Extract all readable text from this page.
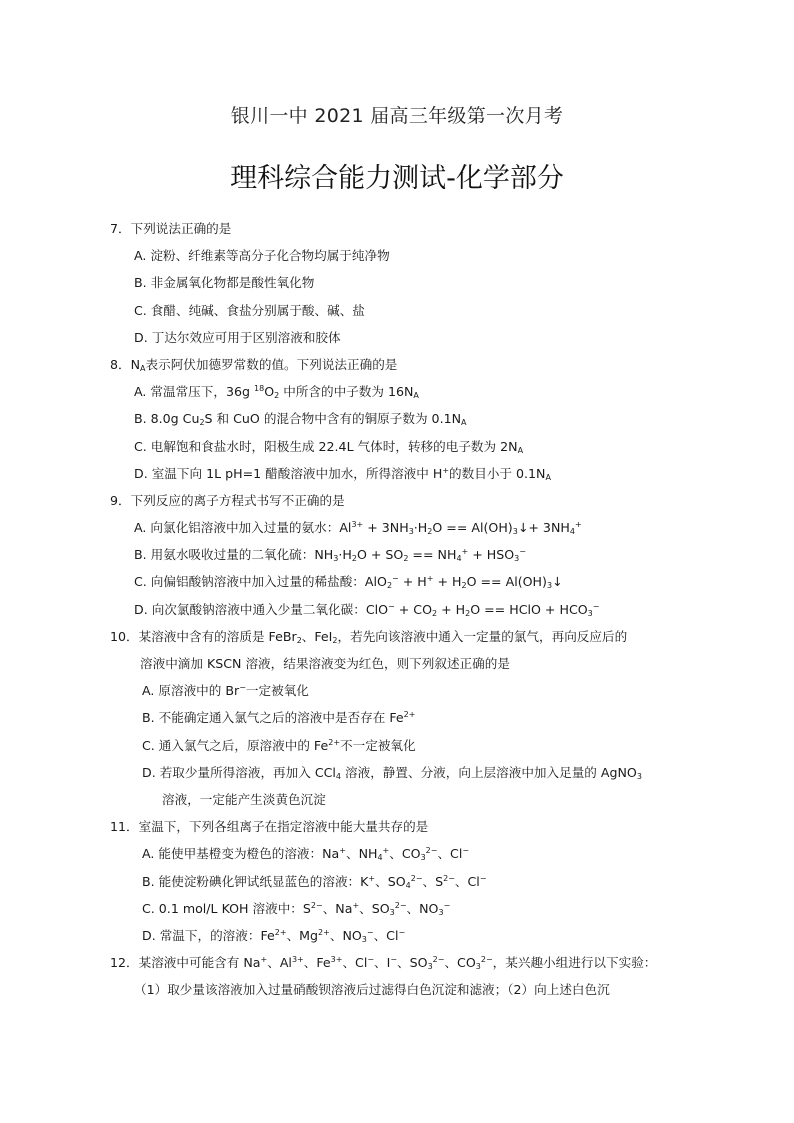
银川一中 2021 届高三年级第一次月考
理科综合能力测试-化学部分
7．下列说法正确的是
A. 淀粉、纤维素等高分子化合物均属于纯净物
B. 非金属氧化物都是酸性氧化物
C. 食醋、纯碱、食盐分别属于酸、碱、盐
D. 丁达尔效应可用于区别溶液和胶体
8．$N_A$表示阿伏加德罗常数的值。下列说法正确的是
A. 常温常压下，36g $^{18}O_2$ 中所含的中子数为 $16N_A$
B. 8.0g $Cu_2S$ 和 CuO 的混合物中含有的铜原子数为 $0.1N_A$
C. 电解饱和食盐水时，阳极生成 22.4L 气体时，转移的电子数为 $2N_A$
D. 室温下向 1L pH=1 醋酸溶液中加水，所得溶液中 H+的数目小于 $0.1N_A$
9．下列反应的离子方程式书写不正确的是
A. 向氯化铝溶液中加入过量的氨水：$Al^{3+} + 3NH_3\cdot H_2O$ == $Al(OH)_3↓+ 3NH_4^+$
B. 用氨水吸收过量的二氧化硫：$NH_3\cdot H_2O + SO_2 == NH_4^+ + HSO_3^-$
C. 向偏铝酸钠溶液中加入过量的稀盐酸：$AlO_2^- + H^+ + H_2O$ == $Al(OH)_3↓$
D. 向次氯酸钠溶液中通入少量二氧化碳：$ClO^- + CO_2 + H_2O$ == HClO + $HCO_3^-$
10．某溶液中含有的溶质是 FeBr$_2$、FeI$_2$，若先向该溶液中通入一定量的氯气，再向反应后的
溶液中滴加 KSCN 溶液，结果溶液变为红色，则下列叙述正确的是
A. 原溶液中的 Br−一定被氧化
B. 不能确定通入氯气之后的溶液中是否存在 $Fe^{2+}$
C. 通入氯气之后，原溶液中的 $Fe^{2+}$不一定被氧化
D. 若取少量所得溶液，再加入 CCl$_4$ 溶液，静置、分液，向上层溶液中加入足量的 AgNO$_3$
溶液，一定能产生淡黄色沉淀
11．室温下，下列各组离子在指定溶液中能大量共存的是
A. 能使甲基橙变为橙色的溶液：Na+、$NH_4^+$、$CO_3^{2-}$、Cl−
B. 能使淀粉碘化钾试纸显蓝色的溶液：K+、$SO_4^{2-}$、$S^{2-}$、Cl−
C. 0.1 mol/L KOH 溶液中：$S^{2-}$、Na+、$SO_3^{2-}$、$NO_3^-$
D. 常温下，的溶液：$Fe^{2+}$、$Mg^{2+}$、$NO_3^-$、Cl−
12．某溶液中可能含有 Na+、$Al^{3+}$、$Fe^{3+}$、Cl−、I−、$SO_3^{2-}$、$CO_3^{2-}$，某兴趣小组进行以下实验：
（1）取少量该溶液加入过量硝酸钡溶液后过滤得白色沉淀和滤液；（2）向上述白色沉
